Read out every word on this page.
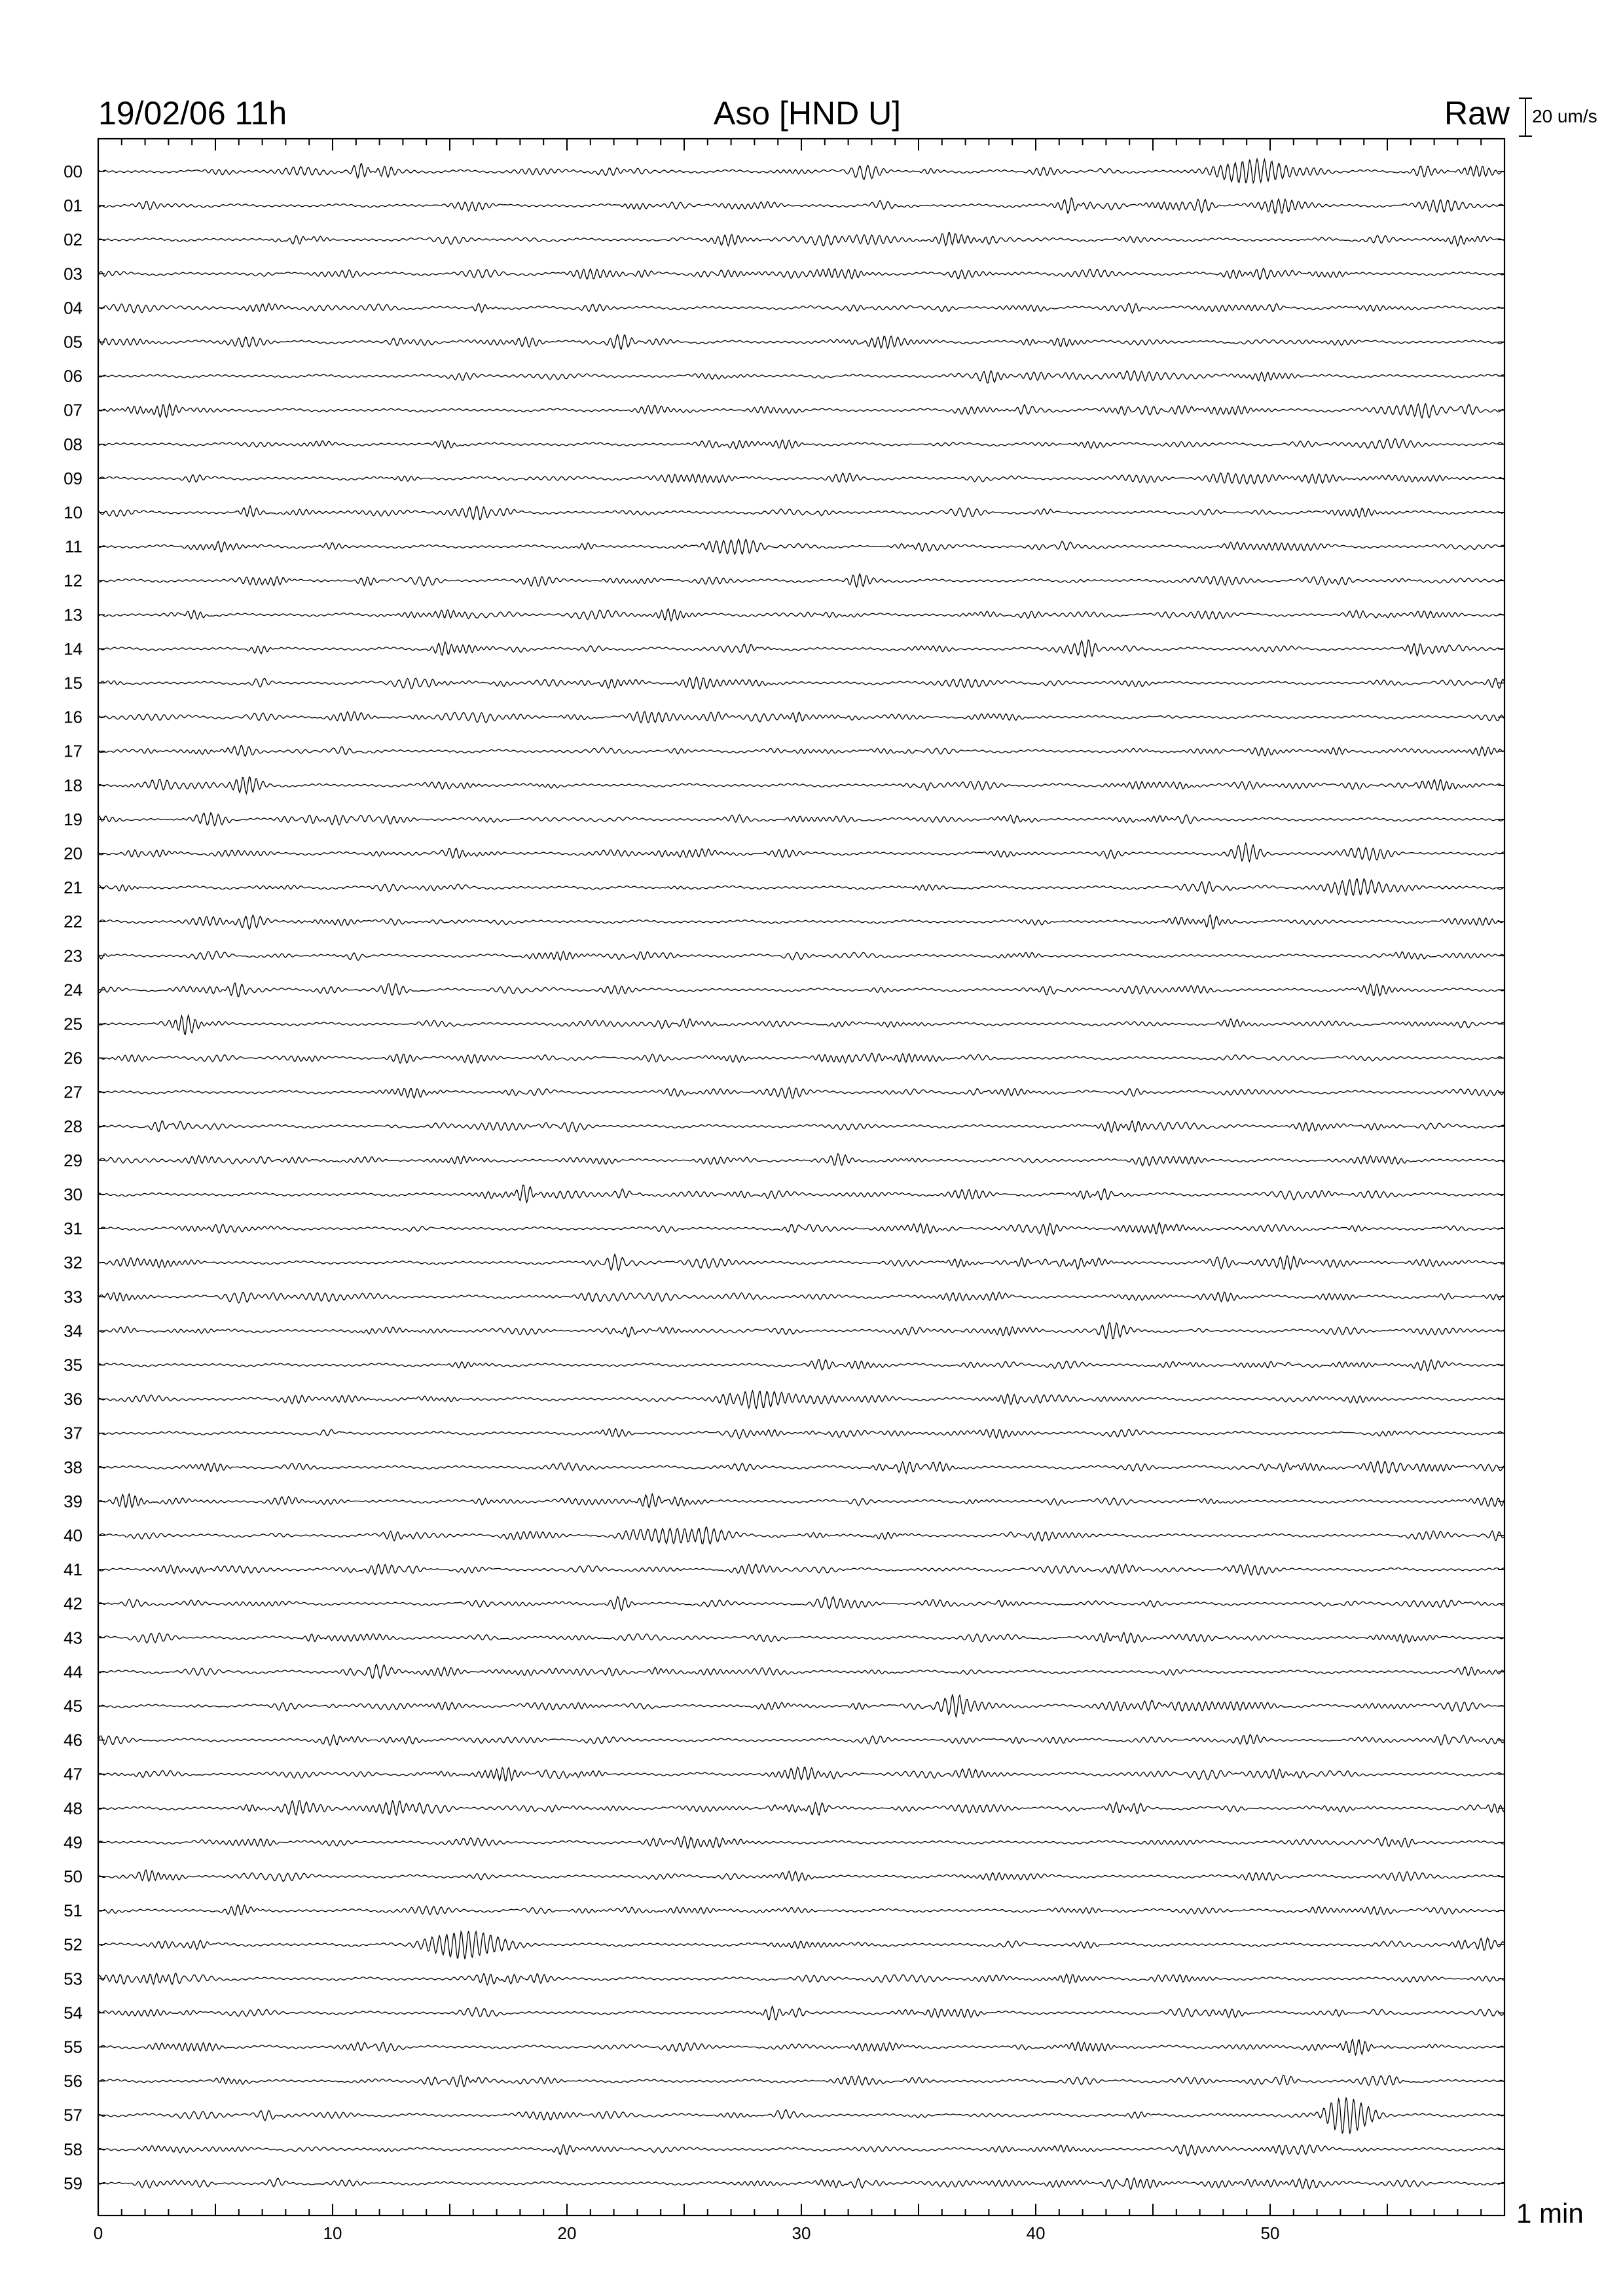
00
01
02
03
04
05
06
07
08
09
10
11
12
13
14
15
16
17
18
19
20
21
22
23
24
25
26
27
28
29
30
31
32
33
34
35
36
37
38
39
40
41
42
43
44
45
46
47
48
49
50
51
52
53
54
55
56
57
58
59
0	10	20	30	40	50
19/02/06 11h	Aso [HND U]	Raw 20 um/s
1 min
